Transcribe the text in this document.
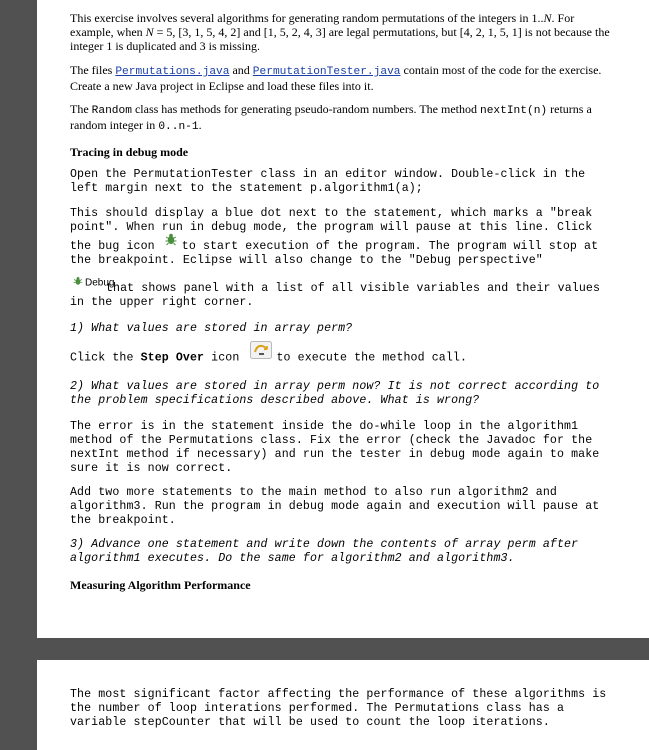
This exercise involves several algorithms for generating random permutations of the integers in 1..N. For example, when N = 5, [3, 1, 5, 4, 2] and [1, 5, 2, 4, 3] are legal permutations, but [4, 2, 1, 5, 1] is not because the integer 1 is duplicated and 3 is missing.
The files Permutations.java and PermutationTester.java contain most of the code for the exercise. Create a new Java project in Eclipse and load these files into it.
The Random class has methods for generating pseudo-random numbers. The method nextInt(n) returns a random integer in 0..n-1.
Tracing in debug mode
Open the PermutationTester class in an editor window. Double-click in the left margin next to the statement p.algorithm1(a);
This should display a blue dot next to the statement, which marks a "break point". When run in debug mode, the program will pause at this line. Click
the bug icon to start execution of the program. The program will stop at the breakpoint. Eclipse will also change to the "Debug perspective"
Debug
that shows panel with a list of all visible variables and their values in the upper right corner.
1) What values are stored in array perm?
Click the Step Over icon	to execute the method call.
2) What values are stored in array perm now? It is not correct according to the problem specifications described above. What is wrong?
The error is in the statement inside the do-while loop in the algorithm1 method of the Permutations class. Fix the error (check the Javadoc for the nextInt method if necessary) and run the tester in debug mode again to make sure it is now correct.
Add two more statements to the main method to also run algorithm2 and algorithm3. Run the program in debug mode again and execution will pause at the breakpoint.
3) Advance one statement and write down the contents of array perm after algorithm1 executes. Do the same for algorithm2 and algorithm3.
Measuring Algorithm Performance
The most significant factor affecting the performance of these algorithms is the number of loop interations performed. The Permutations class has a variable stepCounter that will be used to count the loop iterations.
